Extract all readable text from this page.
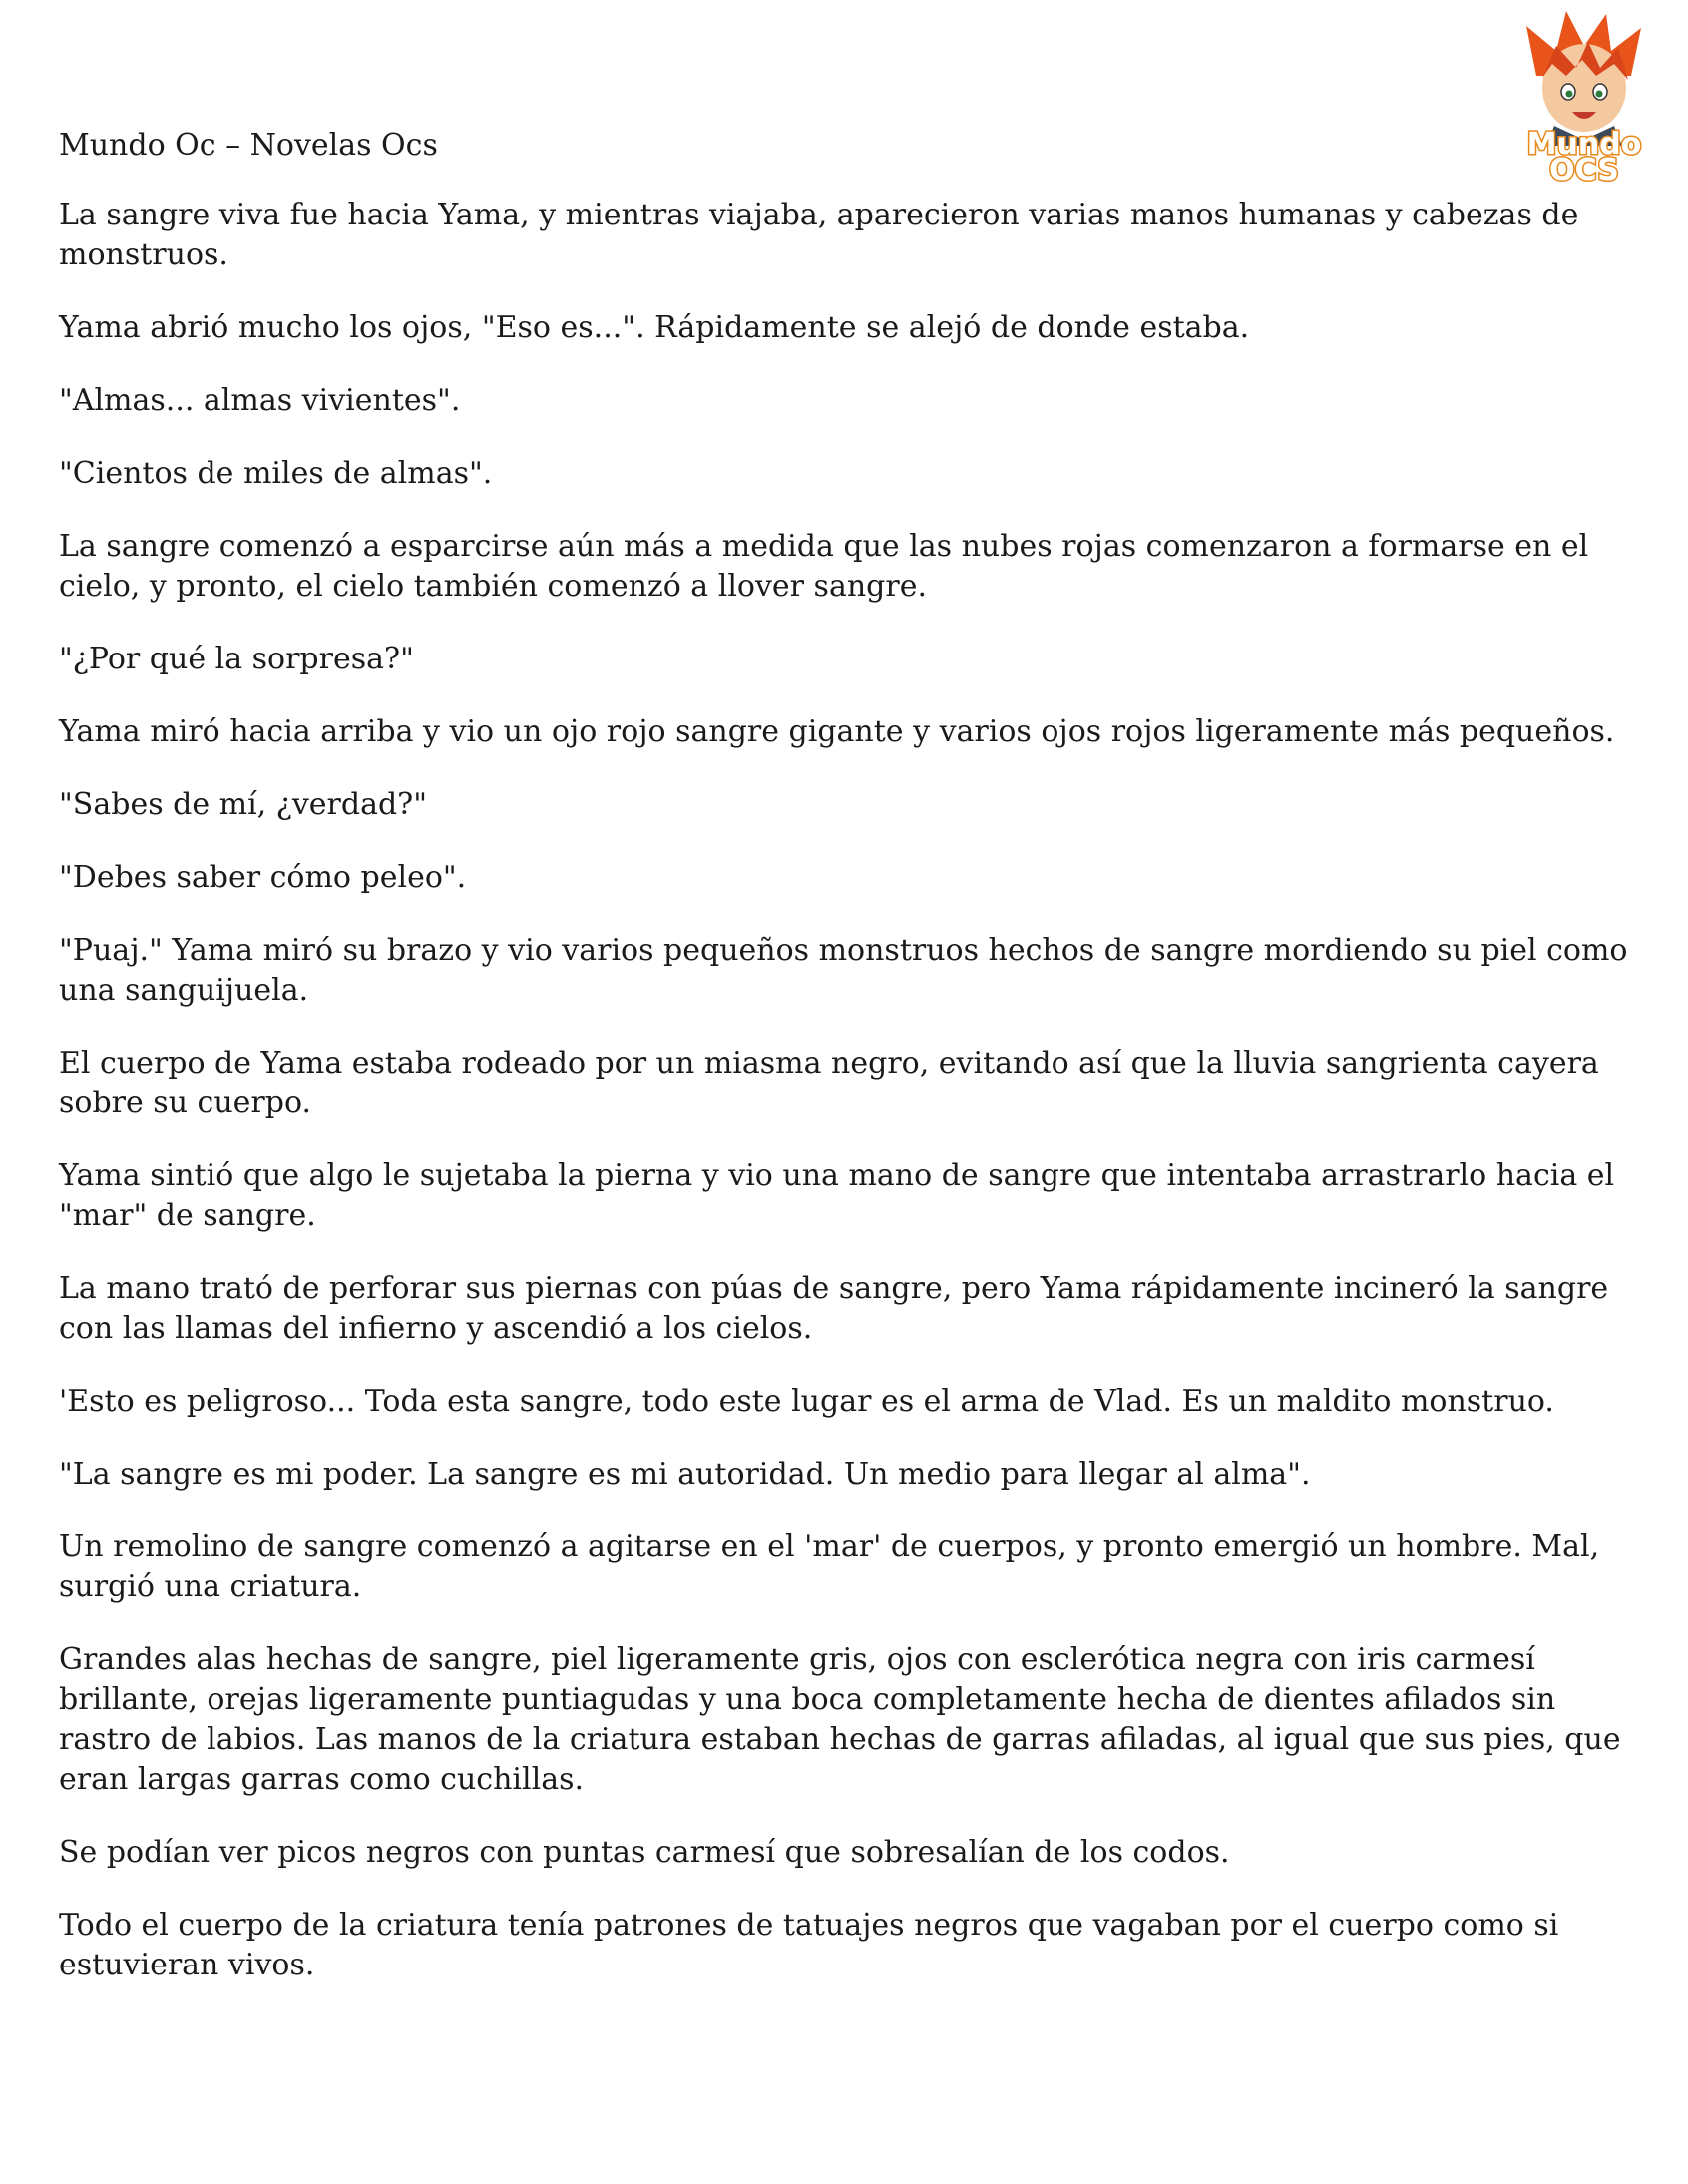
Mundo
OCS
Mundo Oc – Novelas Ocs

La sangre viva fue hacia Yama, y mientras viajaba, aparecieron varias manos humanas y cabezas de monstruos.

Yama abrió mucho los ojos, "Eso es...". Rápidamente se alejó de donde estaba.

"Almas... almas vivientes".

"Cientos de miles de almas".

La sangre comenzó a esparcirse aún más a medida que las nubes rojas comenzaron a formarse en el cielo, y pronto, el cielo también comenzó a llover sangre.

"¿Por qué la sorpresa?"

Yama miró hacia arriba y vio un ojo rojo sangre gigante y varios ojos rojos ligeramente más pequeños.

"Sabes de mí, ¿verdad?"

"Debes saber cómo peleo".

"Puaj." Yama miró su brazo y vio varios pequeños monstruos hechos de sangre mordiendo su piel como una sanguijuela.

El cuerpo de Yama estaba rodeado por un miasma negro, evitando así que la lluvia sangrienta cayera sobre su cuerpo.

Yama sintió que algo le sujetaba la pierna y vio una mano de sangre que intentaba arrastrarlo hacia el "mar" de sangre.

La mano trató de perforar sus piernas con púas de sangre, pero Yama rápidamente incineró la sangre con las llamas del infierno y ascendió a los cielos.

'Esto es peligroso... Toda esta sangre, todo este lugar es el arma de Vlad. Es un maldito monstruo.

"La sangre es mi poder. La sangre es mi autoridad. Un medio para llegar al alma".

Un remolino de sangre comenzó a agitarse en el 'mar' de cuerpos, y pronto emergió un hombre. Mal, surgió una criatura.

Grandes alas hechas de sangre, piel ligeramente gris, ojos con esclerótica negra con iris carmesí brillante, orejas ligeramente puntiagudas y una boca completamente hecha de dientes afilados sin rastro de labios. Las manos de la criatura estaban hechas de garras afiladas, al igual que sus pies, que eran largas garras como cuchillas.

Se podían ver picos negros con puntas carmesí que sobresalían de los codos.

Todo el cuerpo de la criatura tenía patrones de tatuajes negros que vagaban por el cuerpo como si estuvieran vivos.
